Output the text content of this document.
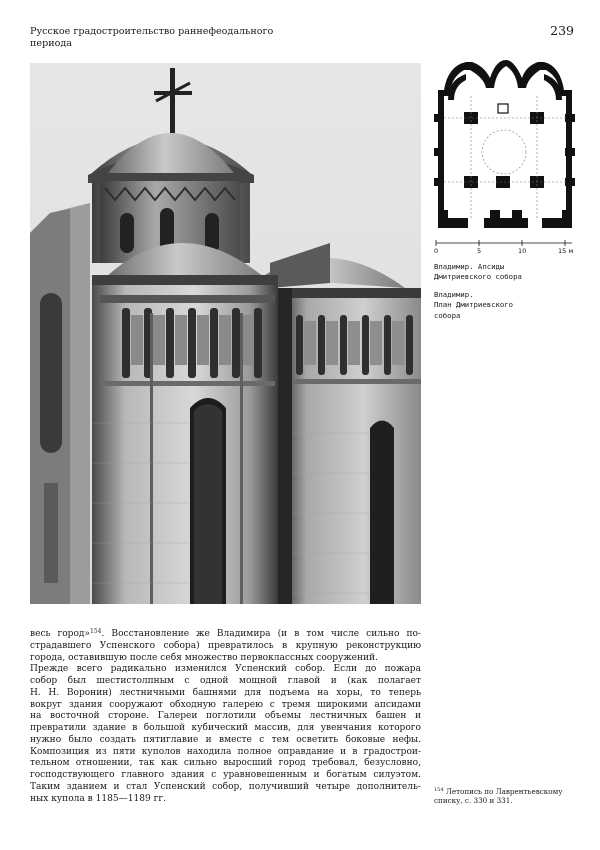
Русское градостроительство раннефеодального
периода

239

0	5	10	15 м

Владимир. Апсиды
Дмитриевского собора

Владимир.
План Дмитриевского
собора

весь город»$^{154}$. Восстановление же Владимира (и в том числе сильно по-
страдавшего Успенского собора) превратилось в крупную реконструкцию
города, оставившую после себя множество первоклассных сооружений.
Прежде всего радикально изменился Успенский собор. Если до пожара
собор был шестистолпным с одной мощной главой и (как полагает
Н. Н. Воронин) лестничными башнями для подъема на хоры, то теперь
вокруг здания сооружают обходную галерею с тремя широкими апсидами
на восточной стороне. Галереи поглотили объемы лестничных башен и
превратили здание в большой кубический массив, для увенчания которого
нужно было создать пятиглавие и вместе с тем осветить боковые нефы.
Композиция из пяти куполов находила полное оправдание и в градострои-
тельном отношении, так как сильно выросший город требовал, безусловно,
господствующего главного здания с уравновешенным и богатым силуэтом.
Таким зданием и стал Успенский собор, получивший четыре дополнитель-
ных купола в 1185—1189 гг.
$^{154}$ Летопись по Лаврентьевскому
списку, с. 330 и 331.
